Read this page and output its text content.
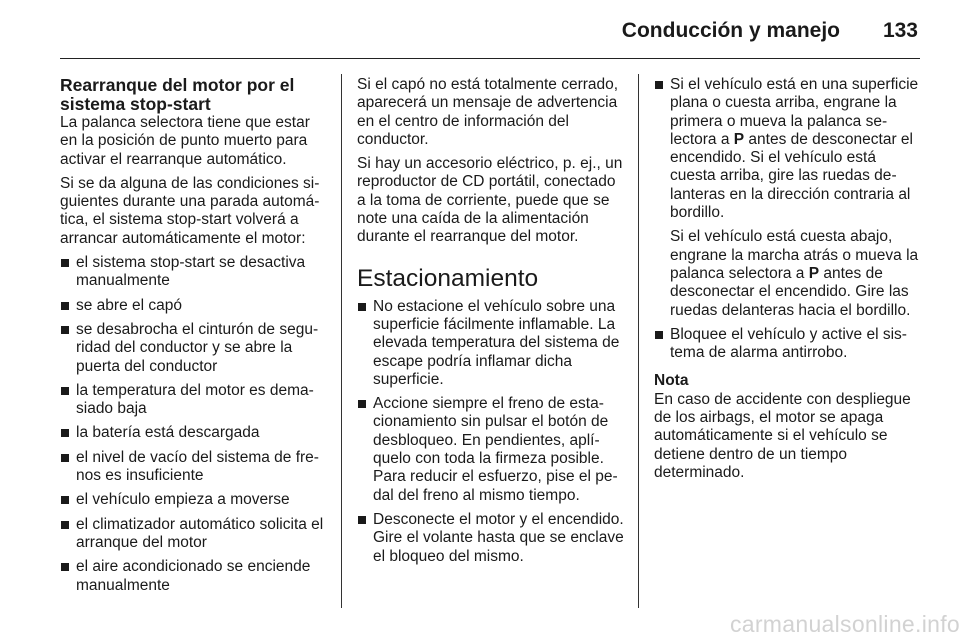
Conducción y manejo 133
Rearranque del motor por el sistema stop-start

La palanca selectora tiene que estar en la posición de punto muerto para activar el rearranque automático.

Si se da alguna de las condiciones siguientes durante una parada automática, el sistema stop-start volverá a arrancar automáticamente el motor:

el sistema stop-start se desactiva manualmente
se abre el capó
se desabrocha el cinturón de seguridad del conductor y se abre la puerta del conductor
la temperatura del motor es demasiado baja
la batería está descargada
el nivel de vacío del sistema de frenos es insuficiente
el vehículo empieza a moverse
el climatizador automático solicita el arranque del motor
el aire acondicionado se enciende manualmente

Si el capó no está totalmente cerrado, aparecerá un mensaje de advertencia en el centro de información del conductor.

Si hay un accesorio eléctrico, p. ej., un reproductor de CD portátil, conectado a la toma de corriente, puede que se note una caída de la alimentación durante el rearranque del motor.

Estacionamiento
No estacione el vehículo sobre una superficie fácilmente inflamable. La elevada temperatura del sistema de escape podría inflamar dicha superficie.
Accione siempre el freno de estacionamiento sin pulsar el botón de desbloqueo. En pendientes, aplíquelo con toda la firmeza posible. Para reducir el esfuerzo, pise el pedal del freno al mismo tiempo.
Desconecte el motor y el encendido. Gire el volante hasta que se enclave el bloqueo del mismo.

Si el vehículo está en una superficie plana o cuesta arriba, engrane la primera o mueva la palanca selectora a P antes de desconectar el encendido. Si el vehículo está cuesta arriba, gire las ruedas delanteras en la dirección contraria al bordillo.

Si el vehículo está cuesta abajo, engrane la marcha atrás o mueva la palanca selectora a P antes de desconectar el encendido. Gire las ruedas delanteras hacia el bordillo.

Bloquee el vehículo y active el sistema de alarma antirrobo.
Nota
En caso de accidente con despliegue de los airbags, el motor se apaga automáticamente si el vehículo se detiene dentro de un tiempo determinado.
carmanualsonline.info
